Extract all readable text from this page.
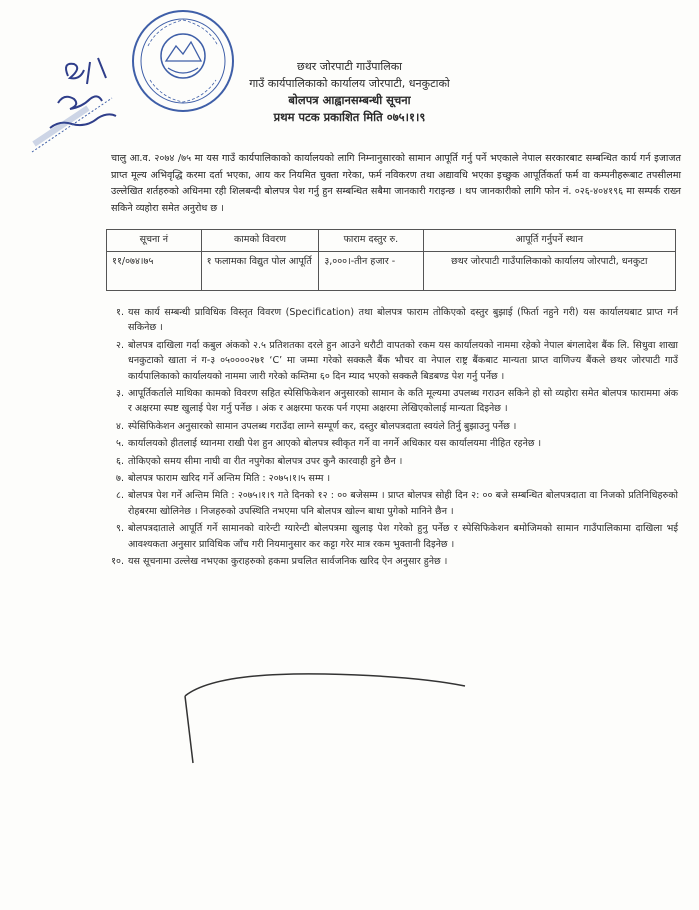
छथर जोरपाटी गाउँपालिका
गाउँ कार्यपालिकाको कार्यालय जोरपाटी, धनकुटाको
बोलपत्र आह्वानसम्बन्धी सूचना
प्रथम पटक प्रकाशित मिति ०७५।१।९
चालु आ.व. २०७४ /७५ मा यस गाउँ कार्यपालिकाको कार्यालयको लागि निम्नानुसारको सामान आपूर्ति गर्नु पर्ने भएकाले नेपाल सरकारबाट सम्बन्धित कार्य गर्न इजाजत प्राप्त मूल्य अभिवृद्धि करमा दर्ता भएका, आय कर नियमित चुक्ता गरेका, फर्म नविकरण तथा अद्यावधि भएका इच्छुक आपूर्तिकर्ता फर्म वा कम्पनीहरूबाट तपसीलमा उल्लेखित शर्तहरुको अधिनमा रही शिलबन्दी बोलपत्र पेश गर्नु हुन सम्बन्धित सबैमा जानकारी गराइन्छ । थप जानकारीको लागि फोन नं. ०२६-४०४१९६ मा सम्पर्क राख्न सकिने व्यहोरा समेत अनुरोध छ ।
सूचना नं	कामको विवरण	फाराम दस्तुर रु.	आपूर्ति गर्नुपर्ने स्थान
११/०७४।७५	१ फलामका विद्युत पोल आपूर्ति	३,०००।-तीन हजार -	छथर जोरपाटी गाउँपालिकाको कार्यालय जोरपाटी, धनकुटा
१. यस कार्य सम्बन्धी प्राविधिक विस्तृत विवरण (Specification) तथा बोलपत्र फाराम तोकिएको दस्तुर बुझाई (फिर्ता नहुने गरी) यस कार्यालयबाट प्राप्त गर्न सकिनेछ ।
२. बोलपत्र दाखिला गर्दा कबुल अंकको २.५ प्रतिशतका दरले हुन आउने धरौटी वापतको रकम यस कार्यालयको नाममा रहेको नेपाल बंगलादेश बैंक लि. सिधुवा शाखा धनकुटाको खाता नं ग-३ ०५००००२७१ ‘C’ मा जम्मा गरेको सक्कलै बैंक भौचर वा नेपाल राष्ट्र बैंकबाट मान्यता प्राप्त वाणिज्य बैंकले छथर जोरपाटी गाउँ कार्यपालिकाको कार्यालयको नाममा जारी गरेको कम्तिमा ६० दिन म्याद भएको सक्कलै बिडबण्ड पेश गर्नु पर्नेछ ।
३. आपूर्तिकर्ताले माथिका कामको विवरण सहित स्पेसिफिकेशन अनुसारको सामान के कति मूल्यमा उपलब्ध गराउन सकिने हो सो व्यहोरा समेत बोलपत्र फाराममा अंक र अक्षरमा स्पष्ट खुलाई पेश गर्नु पर्नेछ । अंक र अक्षरमा फरक पर्न गएमा अक्षरमा लेखिएकोलाई मान्यता दिइनेछ ।
४. स्पेसिफिकेशन अनुसारको सामान उपलब्ध गराउँदा लाग्ने सम्पूर्ण कर, दस्तुर बोलपत्रदाता स्वयंले तिर्नु बुझाउनु पर्नेछ ।
५. कार्यालयको हीतलाई ध्यानमा राखी पेश हुन आएको बोलपत्र स्वीकृत गर्ने वा नगर्ने अधिकार यस कार्यालयमा नीहित रहनेछ ।
६. तोकिएको समय सीमा नाघी वा रीत नपुगेका बोलपत्र उपर कुनै कारवाही हुने छैन ।
७. बोलपत्र फाराम खरिद गर्ने अन्तिम मिति : २०७५।१।५ सम्म ।
८. बोलपत्र पेश गर्ने अन्तिम मिति : २०७५।१।९ गते दिनको १२ : ०० बजेसम्म । प्राप्त बोलपत्र सोही दिन २: ०० बजे सम्बन्धित बोलपत्रदाता वा निजको प्रतिनिधिहरुको रोहबरमा खोलिनेछ । निजहरुको उपस्थिति नभएमा पनि बोलपत्र खोल्न बाधा पुगेको मानिने छैन ।
९. बोलपत्रदाताले आपूर्ति गर्ने सामानको वारेन्टी ग्यारेन्टी बोलपत्रमा खुलाइ पेश गरेको हुनु पर्नेछ र स्पेसिफिकेशन बमोजिमको सामान गाउँपालिकामा दाखिला भई आवश्यकता अनुसार प्राविधिक जाँच गरी नियमानुसार कर कट्टा गरेर मात्र रकम भुक्तानी दिइनेछ ।
१०. यस सूचनामा उल्लेख नभएका कुराहरुको हकमा प्रचलित सार्वजनिक खरिद ऐन अनुसार हुनेछ ।
